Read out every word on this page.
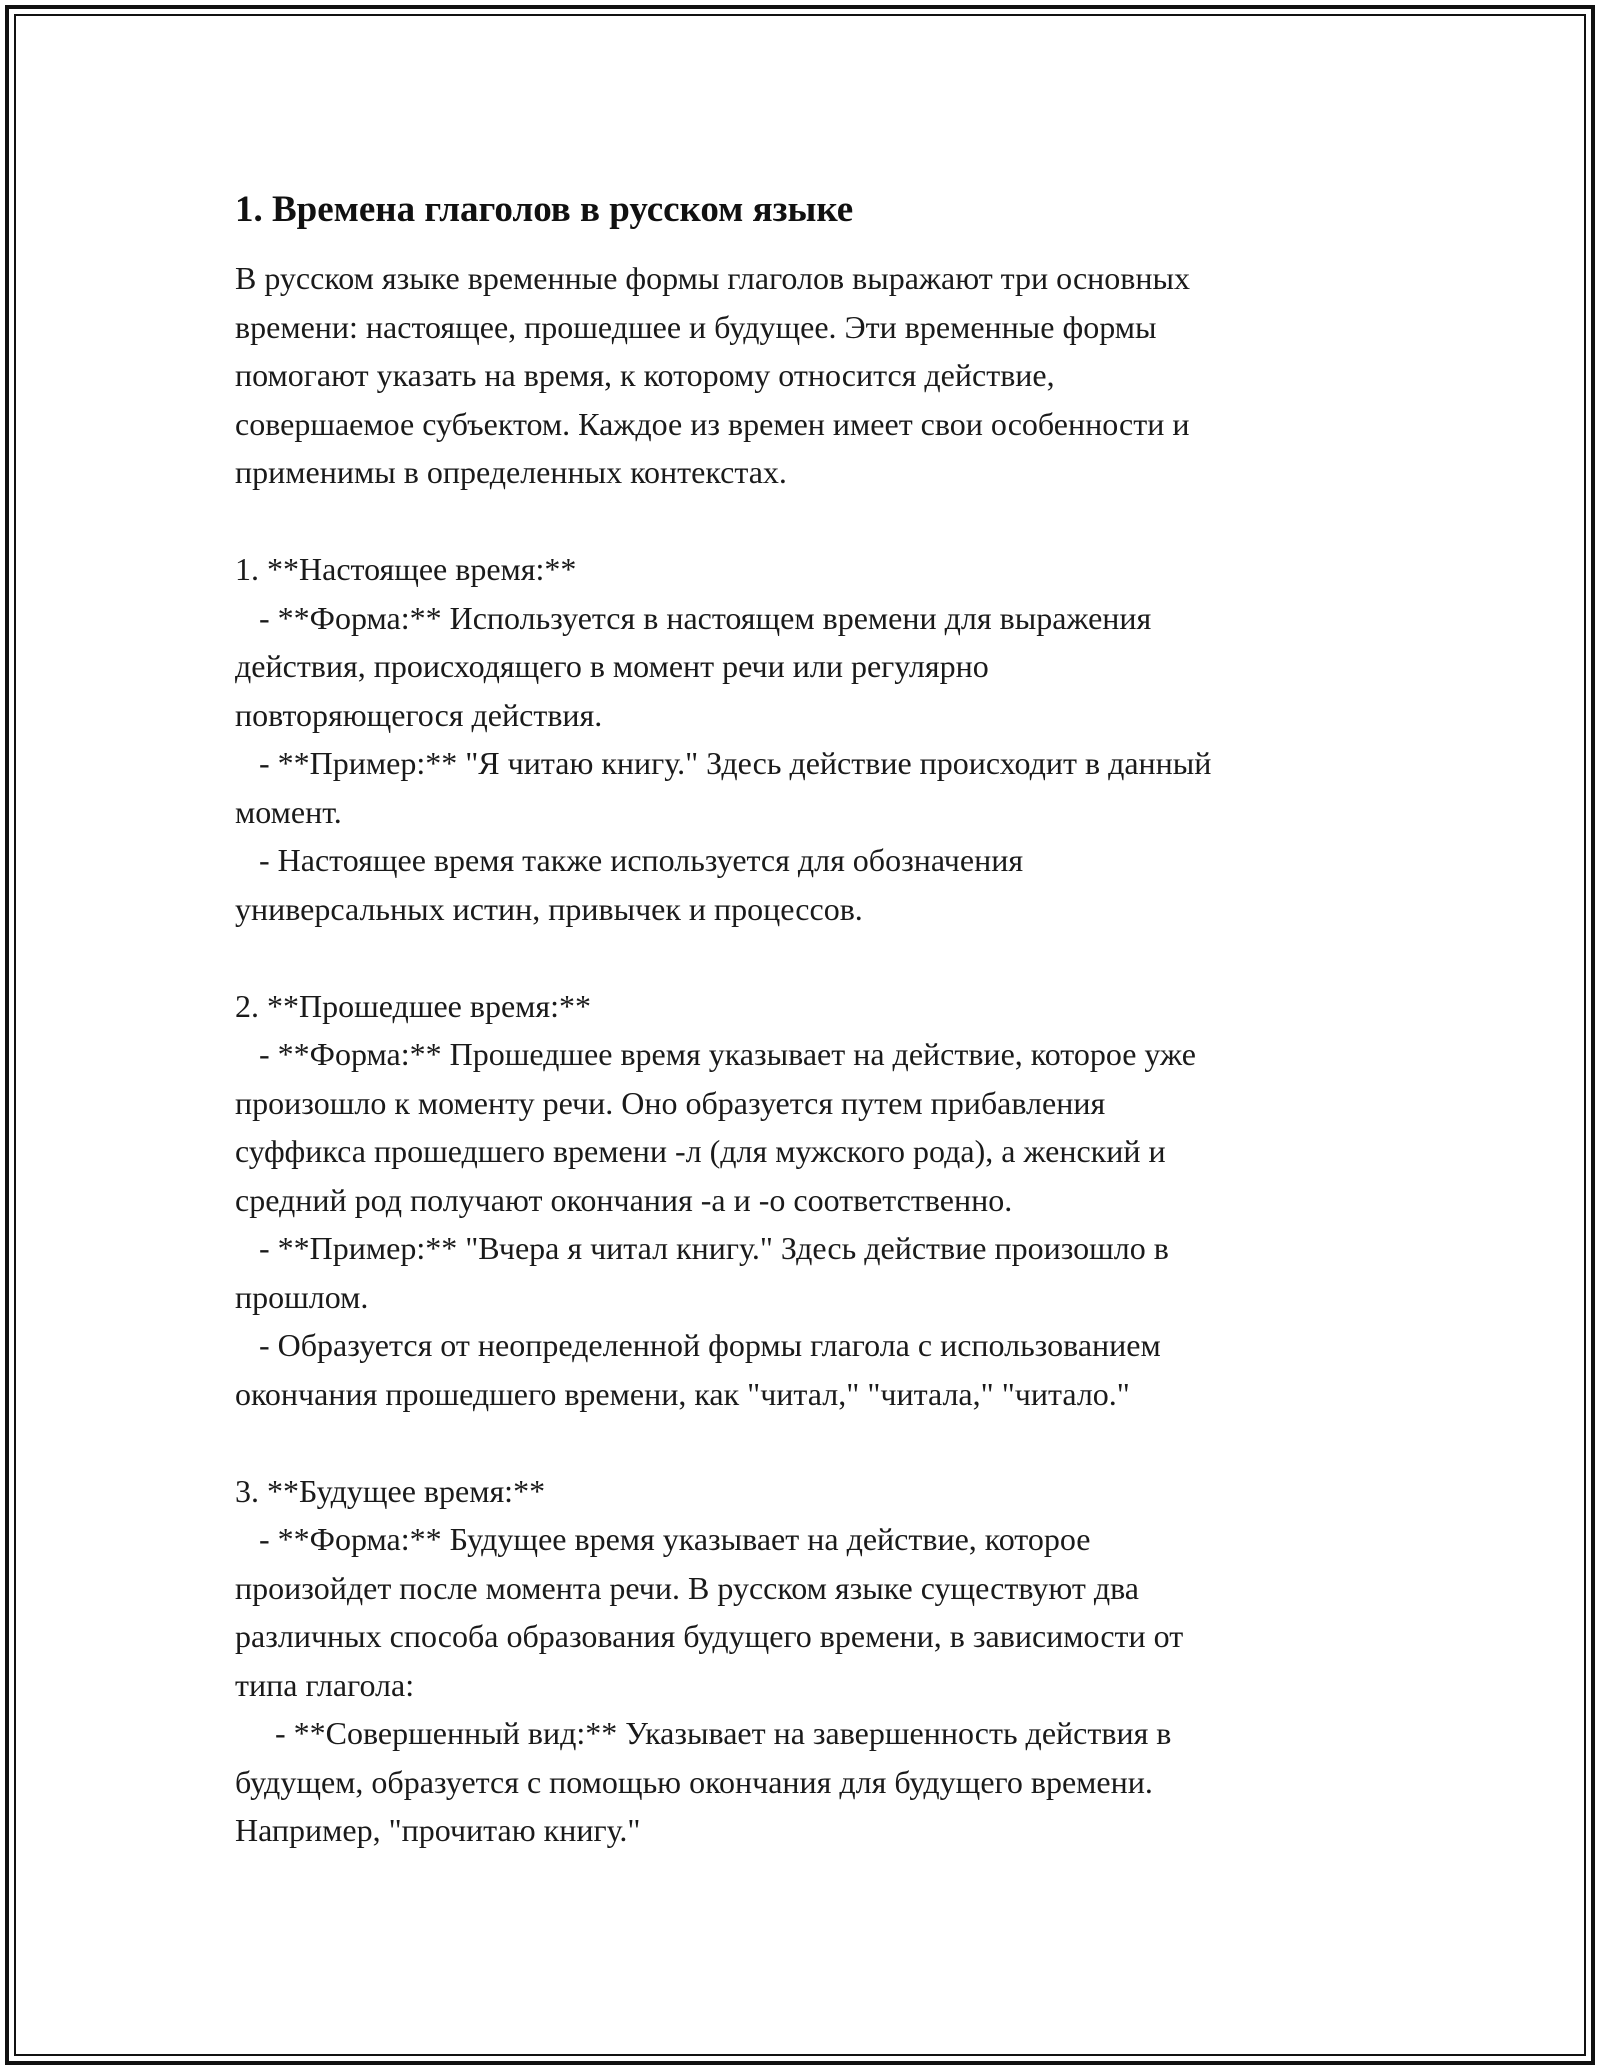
1. Времена глаголов в русском языке

В русском языке временные формы глаголов выражают три основных
времени: настоящее, прошедшее и будущее. Эти временные формы
помогают указать на время, к которому относится действие,
совершаемое субъектом. Каждое из времен имеет свои особенности и
применимы в определенных контекстах.

1. **Настоящее время:**
- **Форма:** Используется в настоящем времени для выражения
действия, происходящего в момент речи или регулярно
повторяющегося действия.
- **Пример:** "Я читаю книгу." Здесь действие происходит в данный
момент.
- Настоящее время также используется для обозначения
универсальных истин, привычек и процессов.

2. **Прошедшее время:**
- **Форма:** Прошедшее время указывает на действие, которое уже
произошло к моменту речи. Оно образуется путем прибавления
суффикса прошедшего времени -л (для мужского рода), а женский и
средний род получают окончания -а и -о соответственно.
- **Пример:** "Вчера я читал книгу." Здесь действие произошло в
прошлом.
- Образуется от неопределенной формы глагола с использованием
окончания прошедшего времени, как "читал," "читала," "читало."

3. **Будущее время:**
- **Форма:** Будущее время указывает на действие, которое
произойдет после момента речи. В русском языке существуют два
различных способа образования будущего времени, в зависимости от
типа глагола:
- **Совершенный вид:** Указывает на завершенность действия в
будущем, образуется с помощью окончания для будущего времени.
Например, "прочитаю книгу."
